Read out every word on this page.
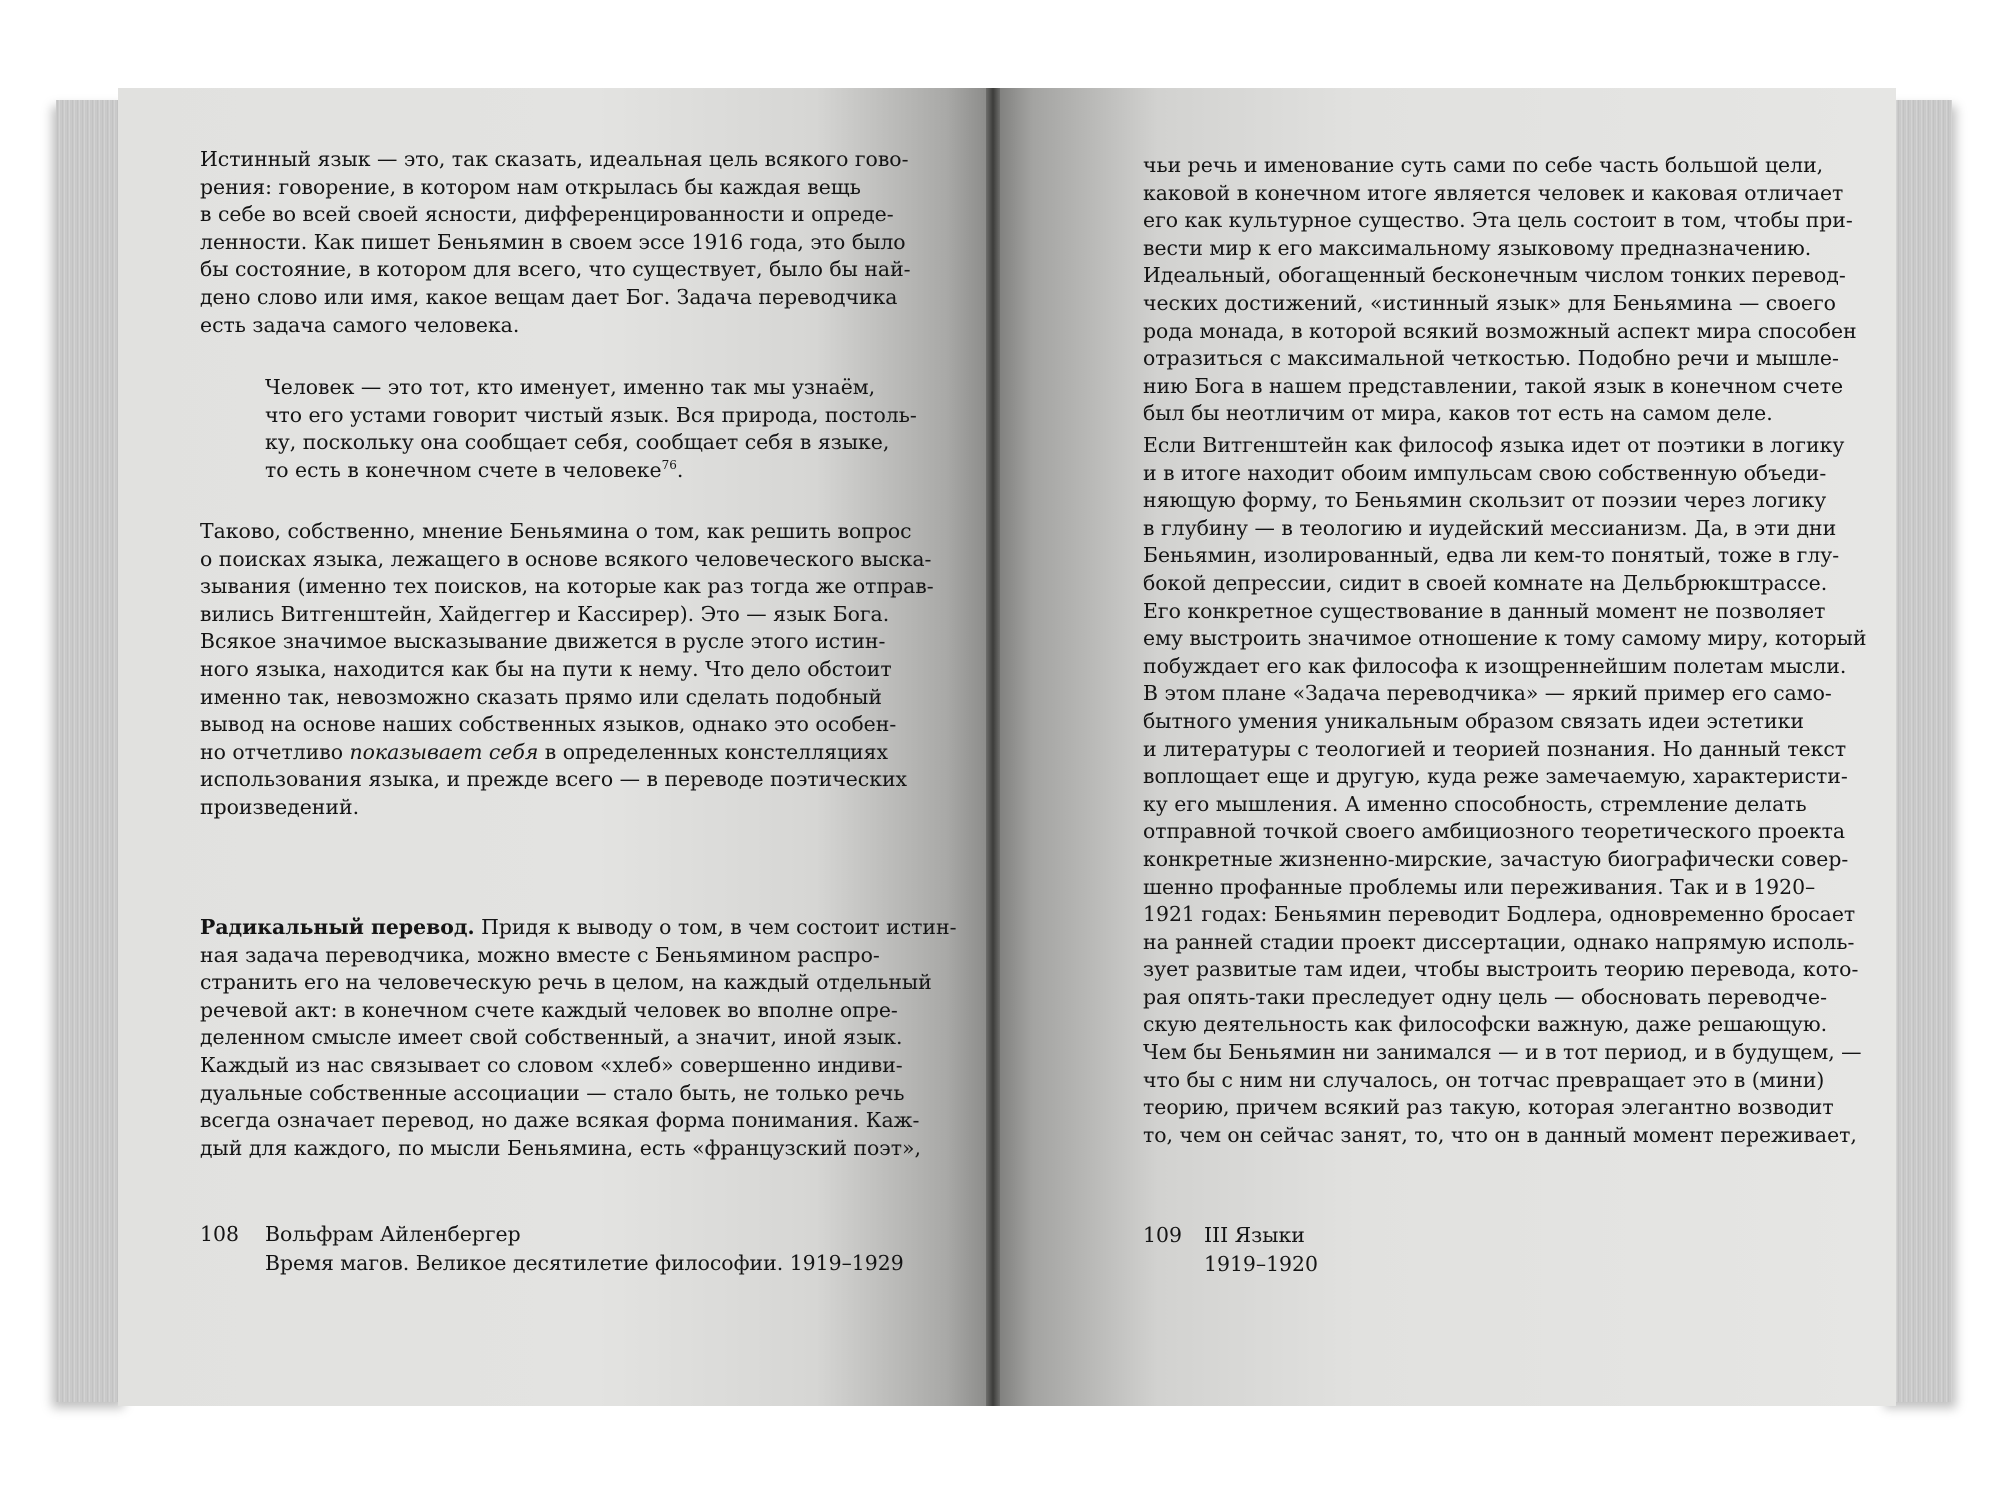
Истинный язык — это, так сказать, идеальная цель всякого гово-
рения: говорение, в котором нам открылась бы каждая вещь
в себе во всей своей ясности, дифференцированности и опреде-
ленности. Как пишет Беньямин в своем эссе 1916 года, это было
бы состояние, в котором для всего, что существует, было бы най-
дено слово или имя, какое вещам дает Бог. Задача переводчика
есть задача самого человека.
Человек — это тот, кто именует, именно так мы узнаём,
что его устами говорит чистый язык. Вся природа, постоль-
ку, поскольку она сообщает себя, сообщает себя в языке,
то есть в конечном счете в человеке$^{76}$.
Таково, собственно, мнение Беньямина о том, как решить вопрос
о поисках языка, лежащего в основе всякого человеческого выска-
зывания (именно тех поисков, на которые как раз тогда же отправ-
вились Витгенштейн, Хайдеггер и Кассирер). Это — язык Бога.
Всякое значимое высказывание движется в русле этого истин-
ного языка, находится как бы на пути к нему. Что дело обстоит
именно так, невозможно сказать прямо или сделать подобный
вывод на основе наших собственных языков, однако это особен-
но отчетливо показывает себя в определенных констелляциях
использования языка, и прежде всего — в переводе поэтических
произведений.
Радикальный перевод. Придя к выводу о том, в чем состоит истин-
ная задача переводчика, можно вместе с Беньямином распро-
странить его на человеческую речь в целом, на каждый отдельный
речевой акт: в конечном счете каждый человек во вполне опре-
деленном смысле имеет свой собственный, а значит, иной язык.
Каждый из нас связывает со словом «хлеб» совершенно индиви-
дуальные собственные ассоциации — стало быть, не только речь
всегда означает перевод, но даже всякая форма понимания. Каж-
дый для каждого, по мысли Беньямина, есть «французский поэт»,
108 Вольфрам Айленбергер
Время магов. Великое десятилетие философии. 1919–1929
чьи речь и именование суть сами по себе часть большой цели,
каковой в конечном итоге является человек и каковая отличает
его как культурное существо. Эта цель состоит в том, чтобы при-
вести мир к его максимальному языковому предназначению.
Идеальный, обогащенный бесконечным числом тонких перевод-
ческих достижений, «истинный язык» для Беньямина — своего
рода монада, в которой всякий возможный аспект мира способен
отразиться с максимальной четкостью. Подобно речи и мышле-
нию Бога в нашем представлении, такой язык в конечном счете
был бы неотличим от мира, каков тот есть на самом деле.
Если Витгенштейн как философ языка идет от поэтики в логику
и в итоге находит обоим импульсам свою собственную объеди-
няющую форму, то Беньямин скользит от поэзии через логику
в глубину — в теологию и иудейский мессианизм. Да, в эти дни
Беньямин, изолированный, едва ли кем-то понятый, тоже в глу-
бокой депрессии, сидит в своей комнате на Дельбрюкштрассе.
Его конкретное существование в данный момент не позволяет
ему выстроить значимое отношение к тому самому миру, который
побуждает его как философа к изощреннейшим полетам мысли.
В этом плане «Задача переводчика» — яркий пример его само-
бытного умения уникальным образом связать идеи эстетики
и литературы с теологией и теорией познания. Но данный текст
воплощает еще и другую, куда реже замечаемую, характеристи-
ку его мышления. А именно способность, стремление делать
отправной точкой своего амбициозного теоретического проекта
конкретные жизненно-мирские, зачастую биографически совер-
шенно профанные проблемы или переживания. Так и в 1920–
1921 годах: Беньямин переводит Бодлера, одновременно бросает
на ранней стадии проект диссертации, однако напрямую исполь-
зует развитые там идеи, чтобы выстроить теорию перевода, кото-
рая опять-таки преследует одну цель — обосновать переводче-
скую деятельность как философски важную, даже решающую.
Чем бы Беньямин ни занимался — и в тот период, и в будущем, —
что бы с ним ни случалось, он тотчас превращает это в (мини)
теорию, причем всякий раз такую, которая элегантно возводит
то, чем он сейчас занят, то, что он в данный момент переживает,
109 III Языки
1919–1920
